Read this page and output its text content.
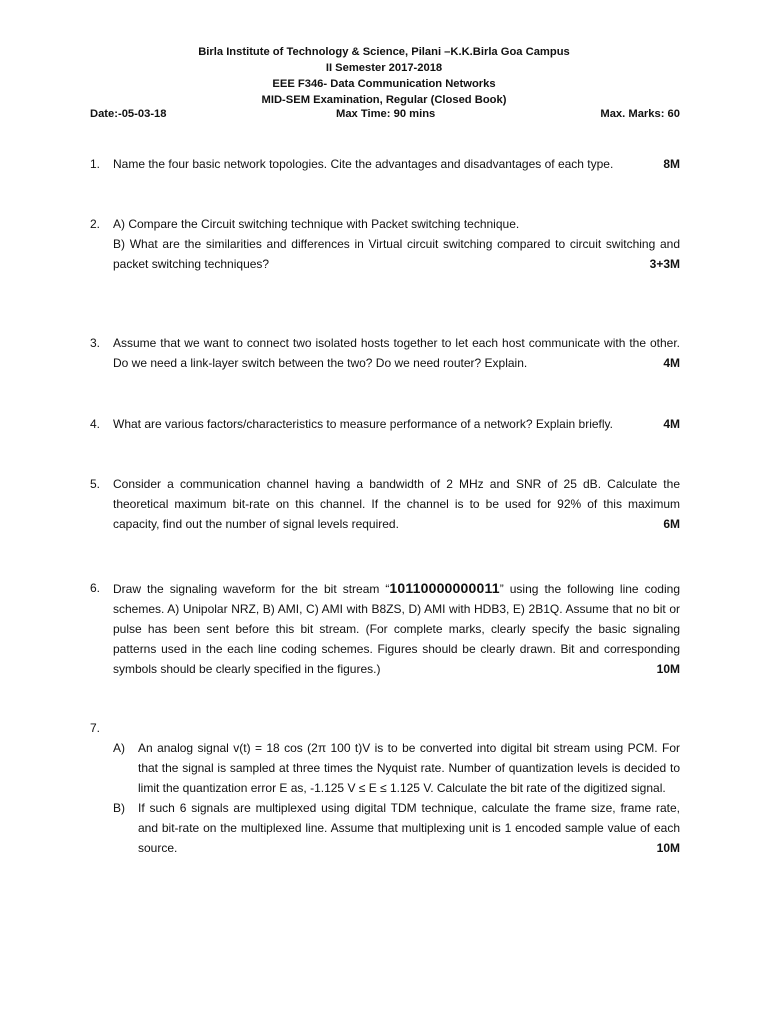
Birla Institute of Technology & Science, Pilani –K.K.Birla Goa Campus
II Semester 2017-2018
EEE F346- Data Communication Networks
MID-SEM Examination, Regular (Closed Book)
Date:-05-03-18	Max Time: 90 mins	Max. Marks: 60
1.	Name the four basic network topologies. Cite the advantages and disadvantages of each type.	8M
2.	A) Compare the Circuit switching technique with Packet switching technique.

B) What are the similarities and differences in Virtual circuit switching compared to circuit switching and packet switching techniques?	3+3M

3.	Assume that we want to connect two isolated hosts together to let each host communicate with the other. Do we need a link-layer switch between the two? Do we need router? Explain.	4M
4.	What are various factors/characteristics to measure performance of a network? Explain briefly.	4M
5.	Consider a communication channel having a bandwidth of 2 MHz and SNR of 25 dB. Calculate the theoretical maximum bit-rate on this channel. If the channel is to be used for 92% of this maximum capacity, find out the number of signal levels required.	6M
6.	Draw the signaling waveform for the bit stream “10110000000011” using the following line coding schemes. A) Unipolar NRZ, B) AMI, C) AMI with B8ZS, D) AMI with HDB3, E) 2B1Q. Assume that no bit or pulse has been sent before this bit stream. (For complete marks, clearly specify the basic signaling patterns used in the each line coding schemes. Figures should be clearly drawn. Bit and corresponding symbols should be clearly specified in the figures.)	10M
7.
A) An analog signal v(t) = 18 cos (2π 100 t)V is to be converted into digital bit stream using PCM. For that the signal is sampled at three times the Nyquist rate. Number of quantization levels is decided to limit the quantization error E as, -1.125 V ≤ E ≤ 1.125 V. Calculate the bit rate of the digitized signal.
B) If such 6 signals are multiplexed using digital TDM technique, calculate the frame size, frame rate, and bit-rate on the multiplexed line. Assume that multiplexing unit is 1 encoded sample value of each source.	10M
